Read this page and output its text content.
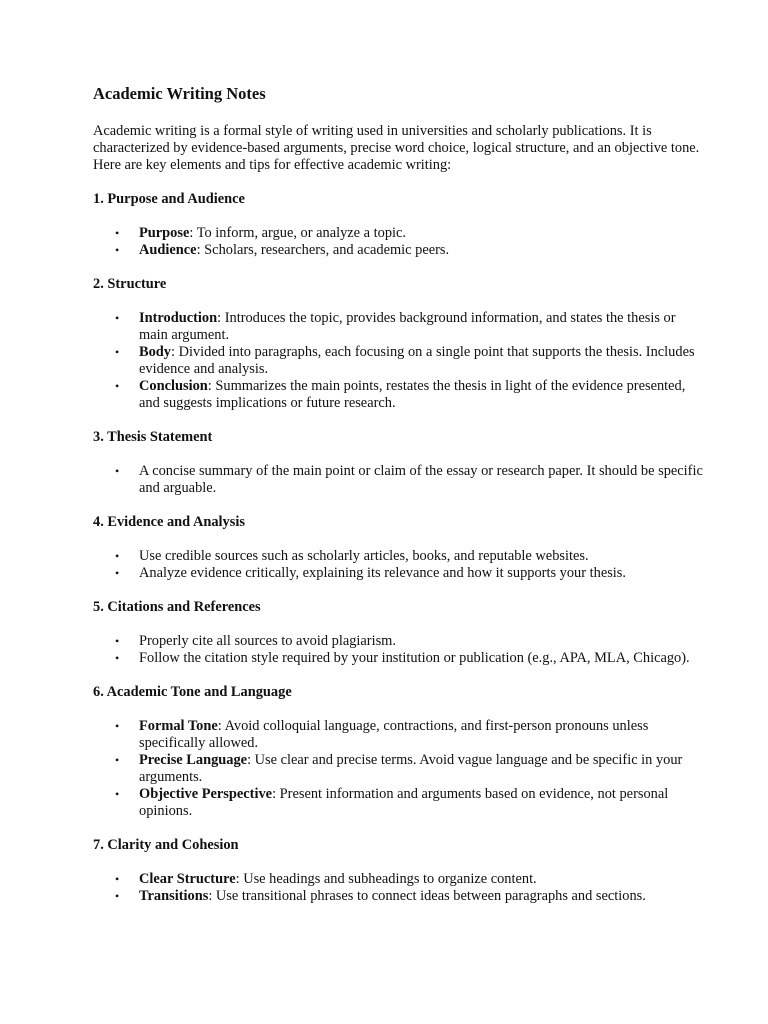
Academic Writing Notes

Academic writing is a formal style of writing used in universities and scholarly publications. It is characterized by evidence-based arguments, precise word choice, logical structure, and an objective tone. Here are key elements and tips for effective academic writing:

1. Purpose and Audience
• Purpose: To inform, argue, or analyze a topic.
• Audience: Scholars, researchers, and academic peers.
2. Structure
• Introduction: Introduces the topic, provides background information, and states the thesis or main argument.
• Body: Divided into paragraphs, each focusing on a single point that supports the thesis. Includes evidence and analysis.
• Conclusion: Summarizes the main points, restates the thesis in light of the evidence presented, and suggests implications or future research.
3. Thesis Statement
• A concise summary of the main point or claim of the essay or research paper. It should be specific and arguable.
4. Evidence and Analysis
• Use credible sources such as scholarly articles, books, and reputable websites.
• Analyze evidence critically, explaining its relevance and how it supports your thesis.
5. Citations and References
• Properly cite all sources to avoid plagiarism.
• Follow the citation style required by your institution or publication (e.g., APA, MLA, Chicago).
6. Academic Tone and Language
• Formal Tone: Avoid colloquial language, contractions, and first-person pronouns unless specifically allowed.
• Precise Language: Use clear and precise terms. Avoid vague language and be specific in your arguments.
• Objective Perspective: Present information and arguments based on evidence, not personal opinions.
7. Clarity and Cohesion
• Clear Structure: Use headings and subheadings to organize content.
• Transitions: Use transitional phrases to connect ideas between paragraphs and sections.
